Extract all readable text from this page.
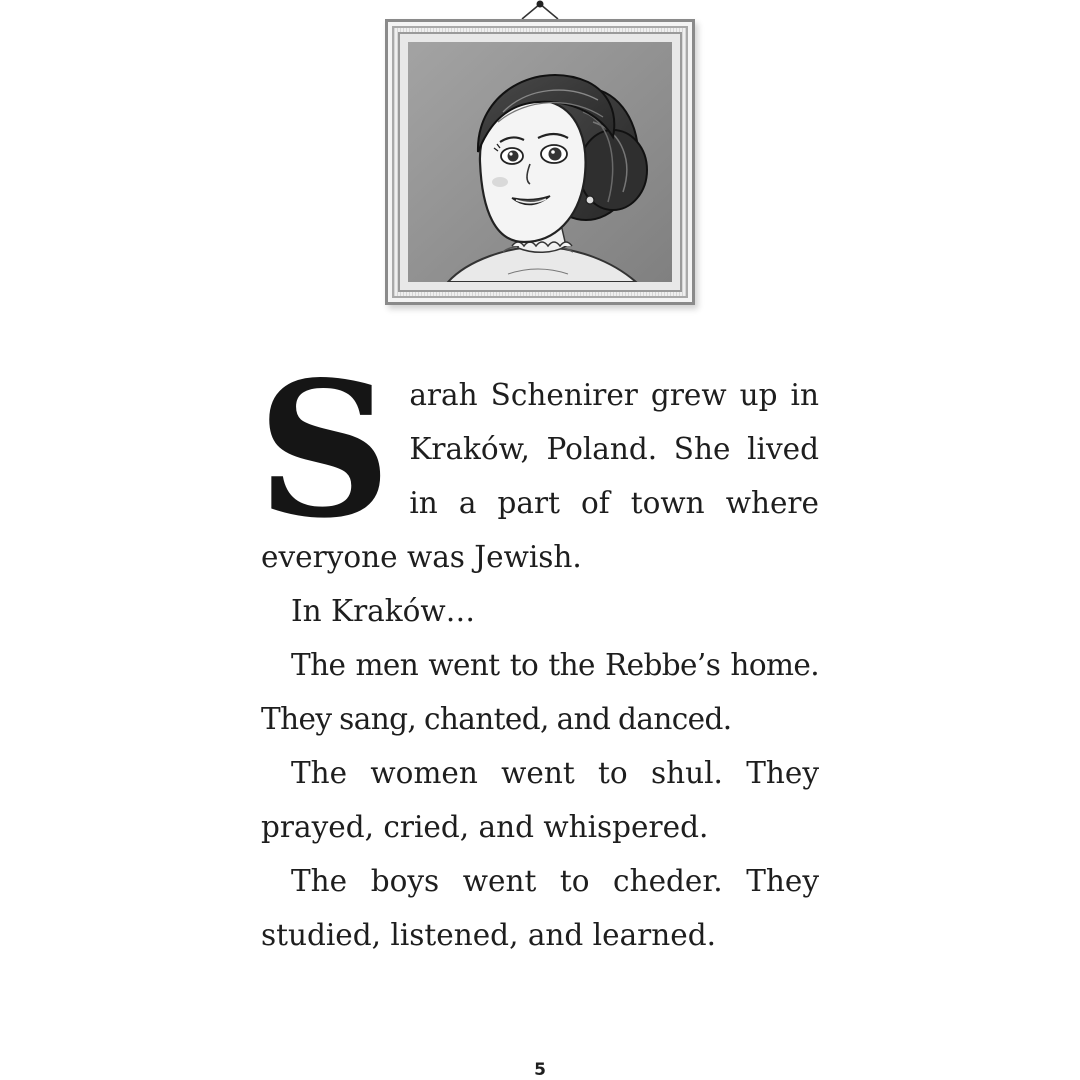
S arah Schenirer grew up in Kraków, Poland. She lived in a part of town where everyone was Jewish.

In Kraków…

The men went to the Rebbe’s home. They sang, chanted, and danced.

The women went to shul. They prayed, cried, and whispered.

The boys went to cheder. They studied, listened, and learned.

5
